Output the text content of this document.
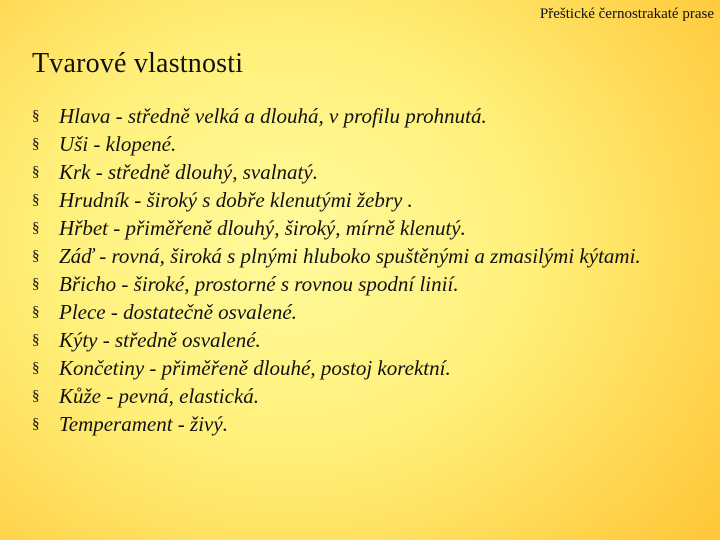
Přeštické černostrakaté prase
Tvarové vlastnosti
§ Hlava - středně velká a dlouhá, v profilu prohnutá.
§ Uši - klopené.
§ Krk - středně dlouhý, svalnatý.
§ Hrudník - široký s dobře klenutými žebry .
§ Hřbet - přiměřeně dlouhý, široký, mírně klenutý.
§ Záď - rovná, široká s plnými hluboko spuštěnými a zmasilými kýtami.
§ Břicho - široké, prostorné s rovnou spodní linií.
§ Plece - dostatečně osvalené.
§ Kýty - středně osvalené.
§ Končetiny - přiměřeně dlouhé, postoj korektní.
§ Kůže - pevná, elastická.
§ Temperament - živý.
